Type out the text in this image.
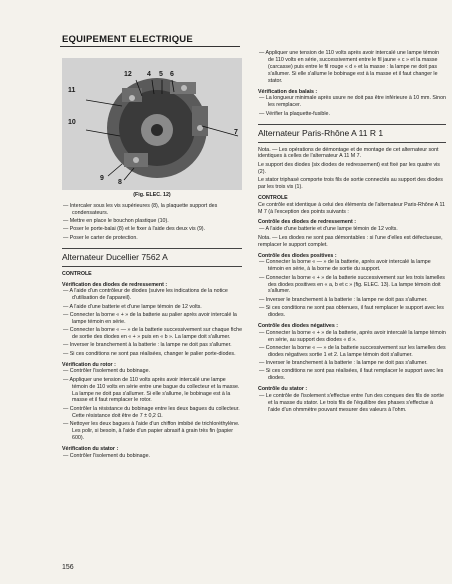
EQUIPEMENT ELECTRIQUE
12 4 5 6
11
10
7
9
8
(Fig. ELEC. 12)

— Intercaler sous les vis supérieures (8), la plaquette support des condensateurs.

— Mettre en place le bouchon plastique (10).

— Poser le porte-balai (8) et le fixer à l'aide des deux vis (9).

— Poser le carter de protection.

Alternateur Ducellier 7562 A
CONTROLE
Vérification des diodes de redressement :

— A l'aide d'un contrôleur de diodes (suivre les indications de la notice d'utilisation de l'appareil).

— A l'aide d'une batterie et d'une lampe témoin de 12 volts.

— Connecter la borne « + » de la batterie au palier après avoir intercalé la lampe témoin en série.

— Connecter la borne « — » de la batterie successivement sur chaque fiche de sortie des diodes en « + » puis en « b ». La lampe doit s'allumer.

— Inverser le branchement à la batterie : la lampe ne doit pas s'allumer.

— Si ces conditions ne sont pas réalisées, changer le palier porte-diodes.

Vérification du rotor :

— Contrôler l'isolement du bobinage.

— Appliquer une tension de 110 volts après avoir intercalé une lampe témoin de 110 volts en série entre une bague du collecteur et la masse. La lampe ne doit pas s'allumer. Si elle s'allume, le bobinage est à la masse et il faut remplacer le rotor.

— Contrôler la résistance du bobinage entre les deux bagues du collecteur. Cette résistance doit être de 7 ± 0,2 Ω.

— Nettoyer les deux bagues à l'aide d'un chiffon imbibé de trichloréthylène. Les polir, si besoin, à l'aide d'un papier abrasif à grain très fin (papier 600).

Vérification du stator :

— Contrôler l'isolement du bobinage.

— Appliquer une tension de 110 volts après avoir intercalé une lampe témoin de 110 volts en série, successivement entre le fil jaune « c » et la masse (carcasse) puis entre le fil rouge « d » et la masse : la lampe ne doit pas s'allumer. Si elle s'allume le bobinage est à la masse et il faut changer le stator.

Vérification des balais :

— La longueur minimale après usure ne doit pas être inférieure à 10 mm. Sinon les remplacer.

— Vérifier la plaquette-fusible.

Alternateur Paris-Rhône A 11 R 1

Nota. — Les opérations de démontage et de montage de cet alternateur sont identiques à celles de l'alternateur A 11 M 7.

Le support des diodes (six diodes de redressement) est fixé par les quatre vis (2).

Le stator triphasé comporte trois fils de sortie connectés au support des diodes par les trois vis (1).

CONTROLE

Ce contrôle est identique à celui des éléments de l'alternateur Paris-Rhône A 11 M 7 (à l'exception des points suivants :

Contrôle des diodes de redressement :

— A l'aide d'une batterie et d'une lampe témoin de 12 volts.

Nota. — Les diodes ne sont pas démontables : si l'une d'elles est défectueuse, remplacer le support complet.

Contrôle des diodes positives :

— Connecter la borne « — » de la batterie, après avoir intercalé la lampe témoin en série, à la borne de sortie du support.

— Connecter la borne « + » de la batterie successivement sur les trois lamelles des diodes positives en « a, b et c » (fig. ELEC. 13). La lampe témoin doit s'allumer.

— Inverser le branchement à la batterie : la lampe ne doit pas s'allumer.

— Si ces conditions ne sont pas obtenues, il faut remplacer le support avec les diodes.

Contrôle des diodes négatives :

— Connecter la borne « + » de la batterie, après avoir intercalé la lampe témoin en série, au support des diodes « d ».

— Connecter la borne « — » de la batterie successivement sur les lamelles des diodes négatives sortie 1 et 2. La lampe témoin doit s'allumer.

— Inverser le branchement à la batterie : la lampe ne doit pas s'allumer.

— Si ces conditions ne sont pas réalisées, il faut remplacer le support avec les diodes.

Contrôle du stator :

— Le contrôle de l'isolement s'effectue entre l'un des conques des fils de sortie et la masse du stator. Le trois fils de l'équilibre des phases s'effectue à l'aide d'un ohmmètre pouvant mesurer des valeurs à l'ohm.

156
